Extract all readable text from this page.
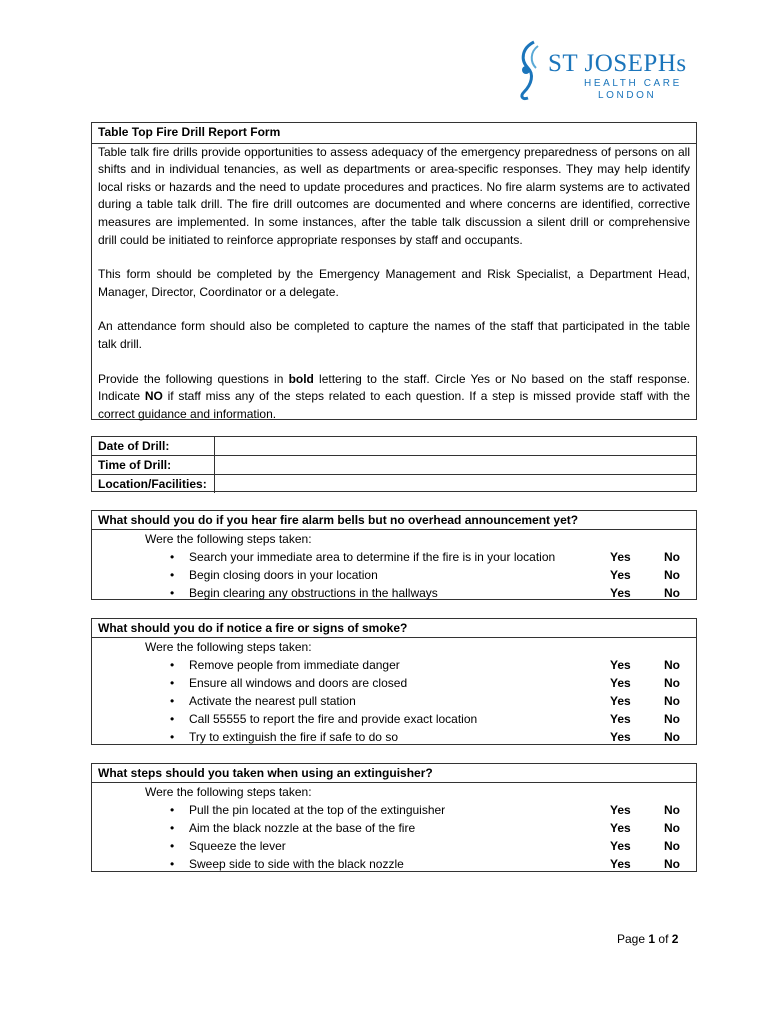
ST JOSEPHs
HEALTH CARE
LONDON
Table Top Fire Drill Report Form

Table talk fire drills provide opportunities to assess adequacy of the emergency preparedness of persons on all shifts and in individual tenancies, as well as departments or area-specific responses. They may help identify local risks or hazards and the need to update procedures and practices. No fire alarm systems are to activated during a table talk drill. The fire drill outcomes are documented and where concerns are identified, corrective measures are implemented. In some instances, after the table talk discussion a silent drill or comprehensive drill could be initiated to reinforce appropriate responses by staff and occupants.

This form should be completed by the Emergency Management and Risk Specialist, a Department Head, Manager, Director, Coordinator or a delegate.

An attendance form should also be completed to capture the names of the staff that participated in the table talk drill.

Provide the following questions in bold lettering to the staff. Circle Yes or No based on the staff response. Indicate NO if staff miss any of the steps related to each question. If a step is missed provide staff with the correct guidance and information.

Date of Drill:
Time of Drill:
Location/Facilities:
What should you do if you hear fire alarm bells but no overhead announcement yet?
Were the following steps taken:
• Search your immediate area to determine if the fire is in your location	Yes	No
• Begin closing doors in your location	Yes	No
• Begin clearing any obstructions in the hallways	Yes	No
What should you do if notice a fire or signs of smoke?
Were the following steps taken:
• Remove people from immediate danger	Yes	No
• Ensure all windows and doors are closed	Yes	No
• Activate the nearest pull station	Yes	No
• Call 55555 to report the fire and provide exact location	Yes	No
• Try to extinguish the fire if safe to do so	Yes	No
What steps should you taken when using an extinguisher?
Were the following steps taken:
• Pull the pin located at the top of the extinguisher	Yes	No
• Aim the black nozzle at the base of the fire	Yes	No
• Squeeze the lever	Yes	No
• Sweep side to side with the black nozzle	Yes	No
Page 1 of 2
